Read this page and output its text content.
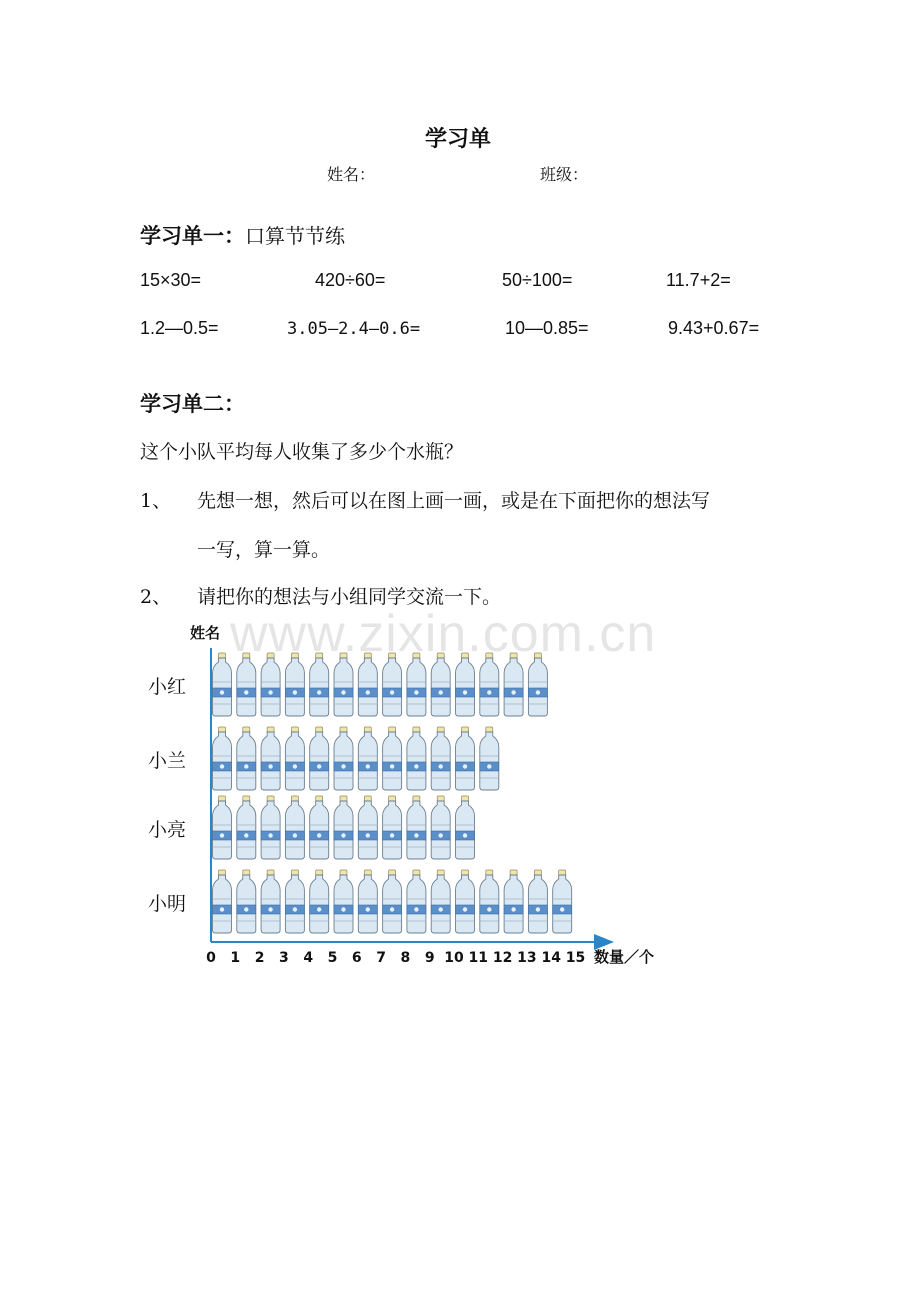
学习单
姓名：	班级：
学习单一：口算节节练
15×30=	420÷60=	50÷100=	11.7+2=
1.2—0.5=	3.05—2.4—0.6=	10—0.85=	9.43+0.67=
学习单二：
这个小队平均每人收集了多少个水瓶？
1、 先想一想，然后可以在图上画一画，或是在下面把你的想法写
一写，算一算。
2、 请把你的想法与小组同学交流一下。
姓名
数量／个
0 1 2 3 4 5 6 7 8 9 10 11 12 13 14 15
小红
小兰
小亮
小明
www.zixin.com.cn
